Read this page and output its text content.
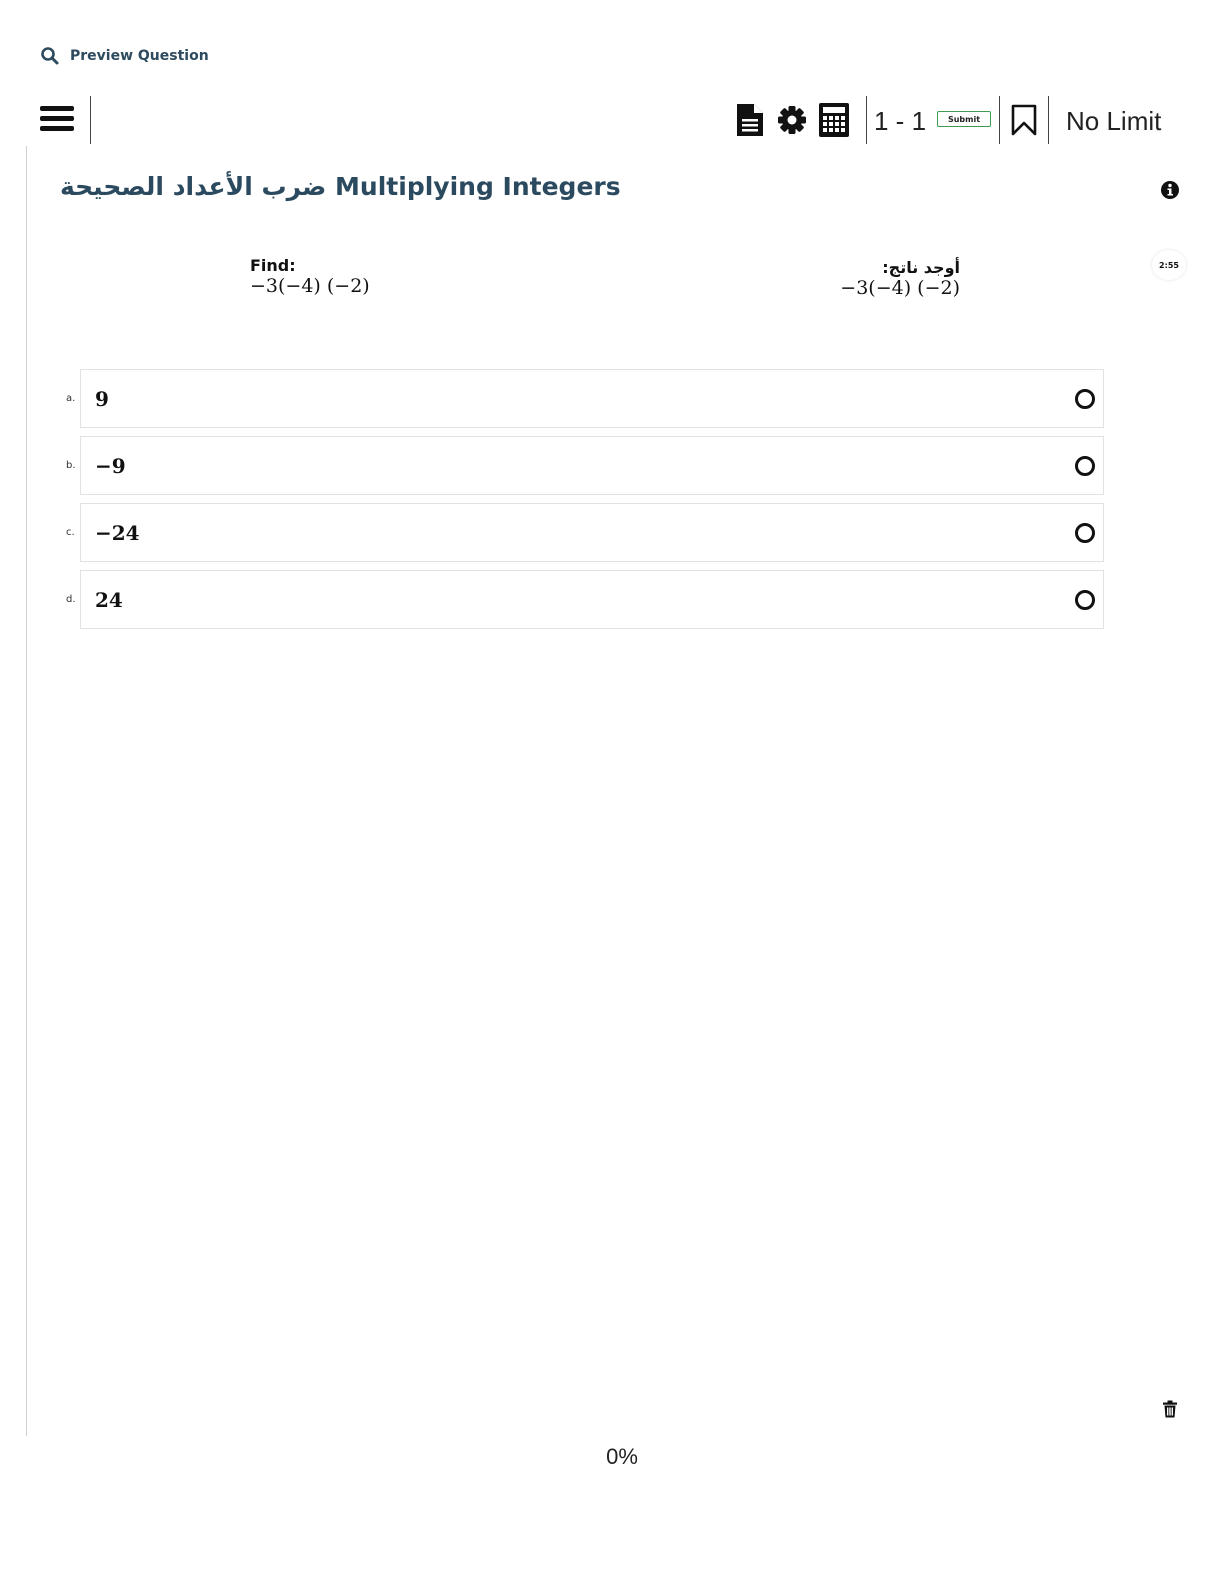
Preview Question
1 - 1	Submit	No Limit
ضرب الأعداد الصحيحة Multiplying Integers
2:55
Find:
−3(−4) (−2)
أوجد ناتج:
−3(−4) (−2)
a. 9
b. −9
c. −24
d. 24
0%
